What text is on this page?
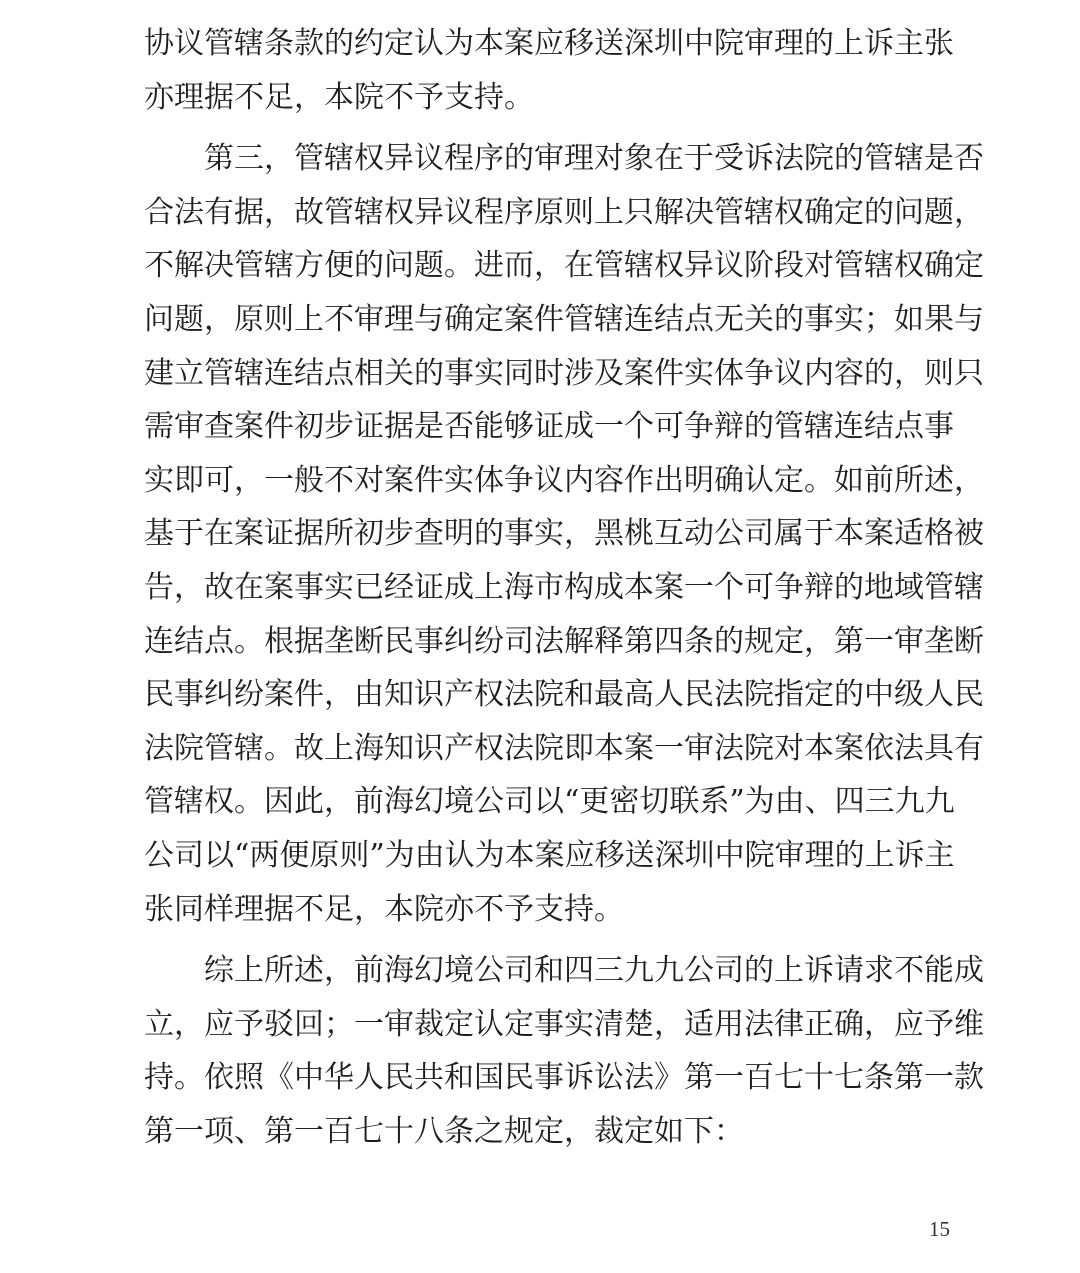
协议管辖条款的约定认为本案应移送深圳中院审理的上诉主张
亦理据不足，本院不予支持。
第三，管辖权异议程序的审理对象在于受诉法院的管辖是否
合法有据，故管辖权异议程序原则上只解决管辖权确定的问题，
不解决管辖方便的问题。进而，在管辖权异议阶段对管辖权确定
问题，原则上不审理与确定案件管辖连结点无关的事实；如果与
建立管辖连结点相关的事实同时涉及案件实体争议内容的，则只
需审查案件初步证据是否能够证成一个可争辩的管辖连结点事
实即可，一般不对案件实体争议内容作出明确认定。如前所述，
基于在案证据所初步查明的事实，黑桃互动公司属于本案适格被
告，故在案事实已经证成上海市构成本案一个可争辩的地域管辖
连结点。根据垄断民事纠纷司法解释第四条的规定，第一审垄断
民事纠纷案件，由知识产权法院和最高人民法院指定的中级人民
法院管辖。故上海知识产权法院即本案一审法院对本案依法具有
管辖权。因此，前海幻境公司以“更密切联系”为由、四三九九
公司以“两便原则”为由认为本案应移送深圳中院审理的上诉主
张同样理据不足，本院亦不予支持。
综上所述，前海幻境公司和四三九九公司的上诉请求不能成
立，应予驳回；一审裁定认定事实清楚，适用法律正确，应予维
持。依照《中华人民共和国民事诉讼法》第一百七十七条第一款
第一项、第一百七十八条之规定，裁定如下：
15
